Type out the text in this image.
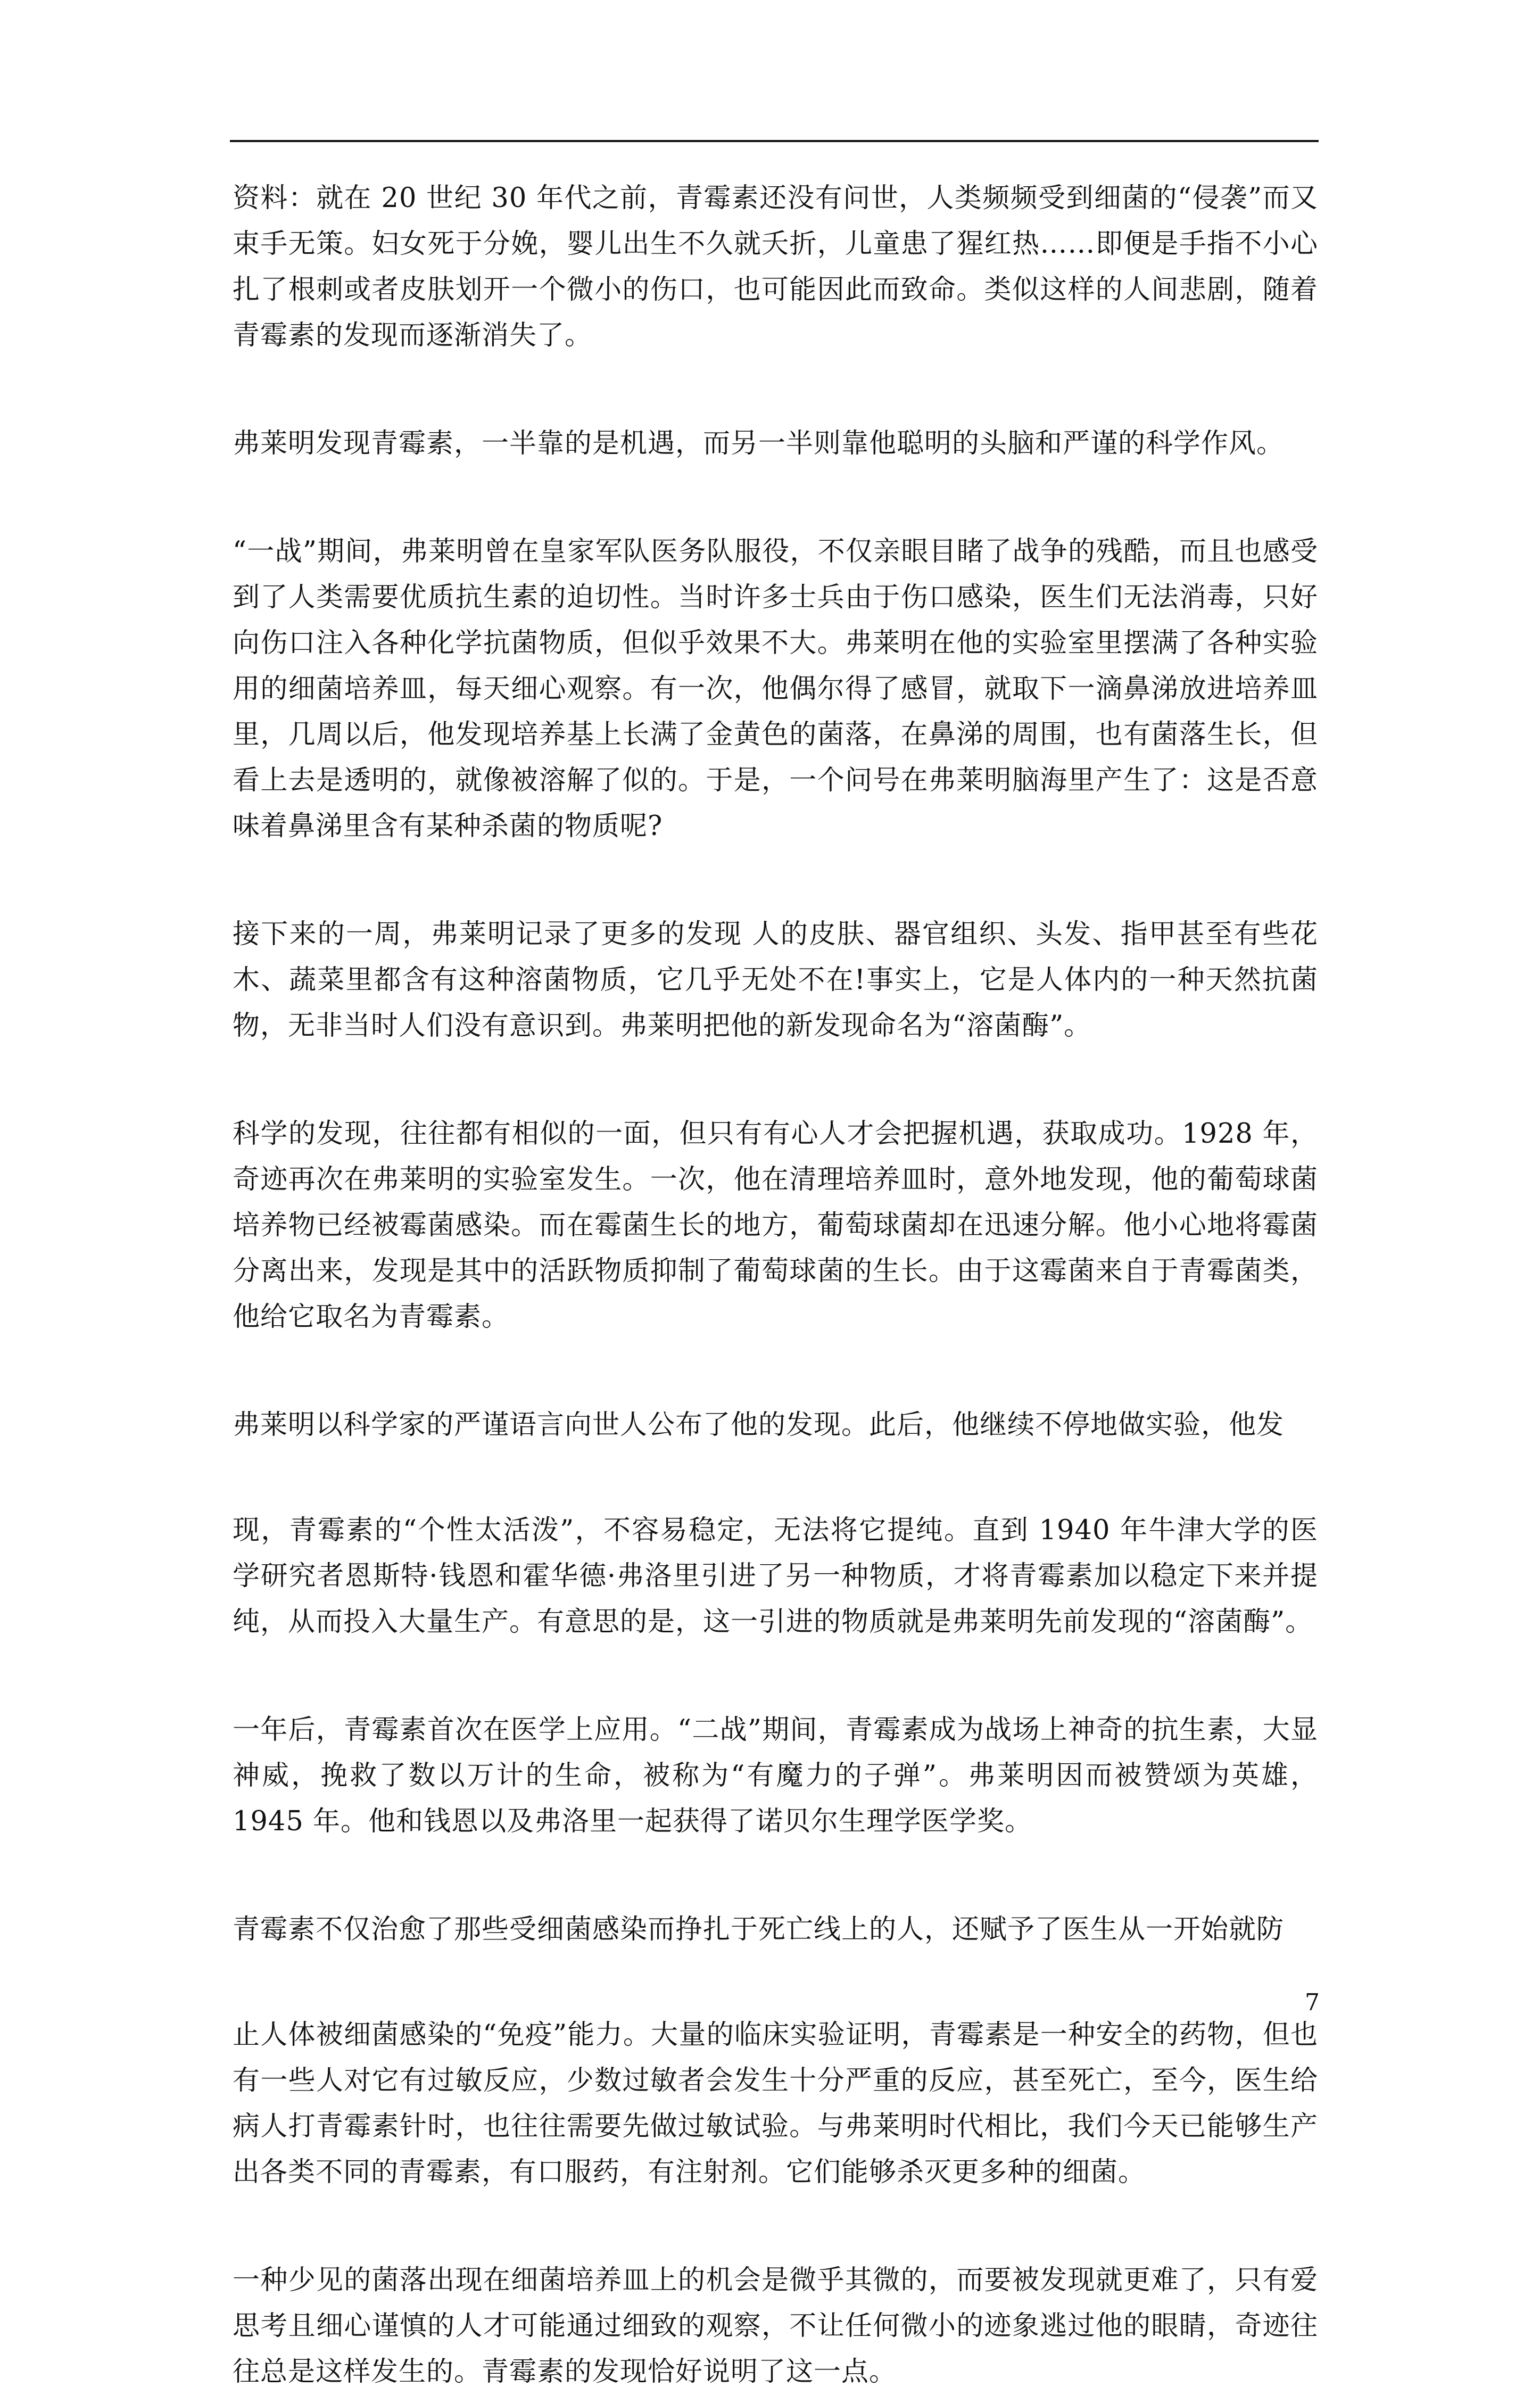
资料：就在 20 世纪 30 年代之前，青霉素还没有问世，人类频频受到细菌的“侵袭”而又束手无策。妇女死于分娩，婴儿出生不久就夭折，儿童患了猩红热……即便是手指不小心扎了根刺或者皮肤划开一个微小的伤口，也可能因此而致命。类似这样的人间悲剧，随着青霉素的发现而逐渐消失了。

弗莱明发现青霉素，一半靠的是机遇，而另一半则靠他聪明的头脑和严谨的科学作风。

“一战”期间，弗莱明曾在皇家军队医务队服役，不仅亲眼目睹了战争的残酷，而且也感受到了人类需要优质抗生素的迫切性。当时许多士兵由于伤口感染，医生们无法消毒，只好向伤口注入各种化学抗菌物质，但似乎效果不大。弗莱明在他的实验室里摆满了各种实验用的细菌培养皿，每天细心观察。有一次，他偶尔得了感冒，就取下一滴鼻涕放进培养皿里，几周以后，他发现培养基上长满了金黄色的菌落，在鼻涕的周围，也有菌落生长，但看上去是透明的，就像被溶解了似的。于是，一个问号在弗莱明脑海里产生了：这是否意味着鼻涕里含有某种杀菌的物质呢?

接下来的一周，弗莱明记录了更多的发现 人的皮肤、器官组织、头发、指甲甚至有些花木、蔬菜里都含有这种溶菌物质，它几乎无处不在!事实上，它是人体内的一种天然抗菌物，无非当时人们没有意识到。弗莱明把他的新发现命名为“溶菌酶”。

科学的发现，往往都有相似的一面，但只有有心人才会把握机遇，获取成功。1928 年，奇迹再次在弗莱明的实验室发生。一次，他在清理培养皿时，意外地发现，他的葡萄球菌培养物已经被霉菌感染。而在霉菌生长的地方，葡萄球菌却在迅速分解。他小心地将霉菌分离出来，发现是其中的活跃物质抑制了葡萄球菌的生长。由于这霉菌来自于青霉菌类，他给它取名为青霉素。

弗莱明以科学家的严谨语言向世人公布了他的发现。此后，他继续不停地做实验，他发

现，青霉素的“个性太活泼”，不容易稳定，无法将它提纯。直到 1940 年牛津大学的医学研究者恩斯特·钱恩和霍华德·弗洛里引进了另一种物质，才将青霉素加以稳定下来并提纯，从而投入大量生产。有意思的是，这一引进的物质就是弗莱明先前发现的“溶菌酶”。

一年后，青霉素首次在医学上应用。“二战”期间，青霉素成为战场上神奇的抗生素，大显神威，挽救了数以万计的生命，被称为“有魔力的子弹”。弗莱明因而被赞颂为英雄，1945 年。他和钱恩以及弗洛里一起获得了诺贝尔生理学医学奖。

青霉素不仅治愈了那些受细菌感染而挣扎于死亡线上的人，还赋予了医生从一开始就防

止人体被细菌感染的“免疫”能力。大量的临床实验证明，青霉素是一种安全的药物，但也有一些人对它有过敏反应，少数过敏者会发生十分严重的反应，甚至死亡，至今，医生给病人打青霉素针时，也往往需要先做过敏试验。与弗莱明时代相比，我们今天已能够生产出各类不同的青霉素，有口服药，有注射剂。它们能够杀灭更多种的细菌。

一种少见的菌落出现在细菌培养皿上的机会是微乎其微的，而要被发现就更难了，只有爱思考且细心谨慎的人才可能通过细致的观察，不让任何微小的迹象逃过他的眼睛，奇迹往往总是这样发生的。青霉素的发现恰好说明了这一点。

7
